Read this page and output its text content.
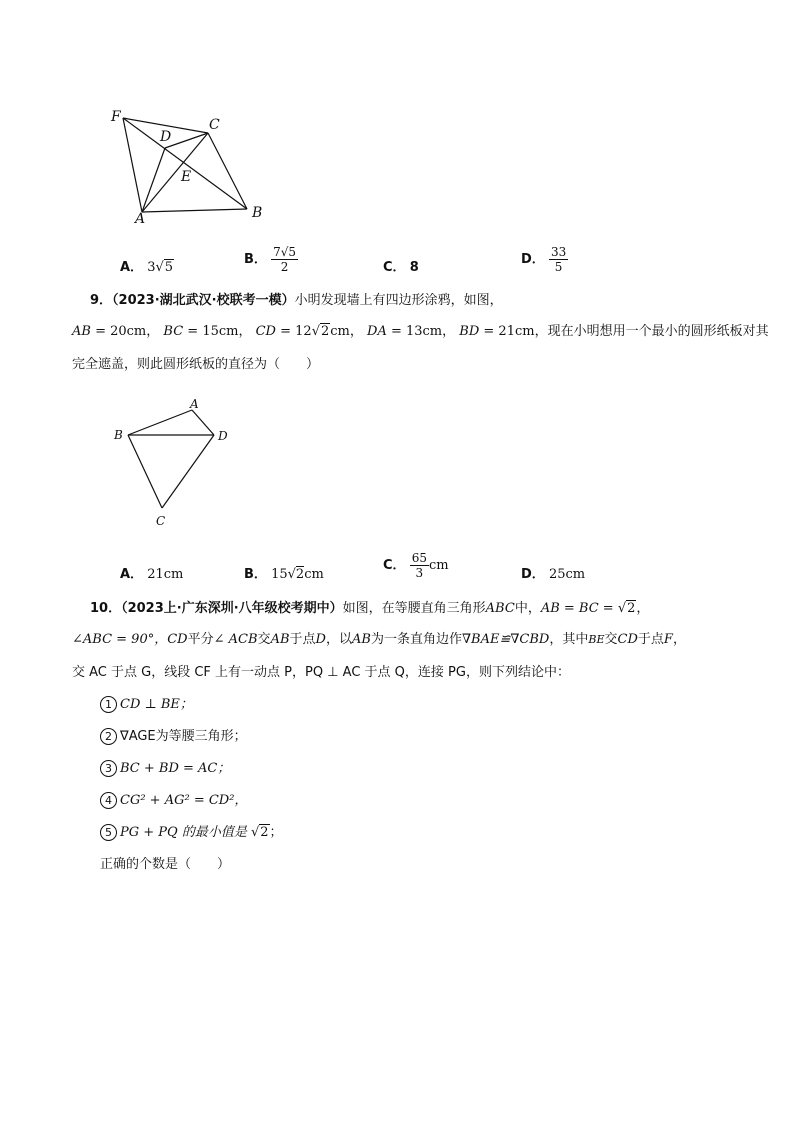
F
D
C
E
A	B
A． 3√5
B． $\frac{7√5}{2}$	C． 8
D． $\frac{33}{5}$
9．（2023·湖北武汉·校联考一模）小明发现墙上有四边形涂鸦，如图，
AB = 20cm， BC = 15cm， CD = 12√2cm， DA = 13cm， BD = 21cm，现在小明想用一个最小的圆形纸板对其
完全遮盖，则此圆形纸板的直径为（　　）
A
B
C
D
A． 21cm	B． 15√2cm
C． $\frac{65}{3}$ cm
D． 25cm
10．（2023上·广东深圳·八年级校考期中）如图，在等腰直角三角形ABC中，AB = BC = √2，
∠ABC = 90°，CD平分∠ ACB交AB于点D，以AB为一条直角边作∇BAE≌∇CBD，其中BE交CD于点F，
交 AC 于点 G，线段 CF 上有一动点 P，PQ ⊥ AC 于点 Q，连接 PG，则下列结论中：
1 CD ⊥ BE；
2 ∇AGE为等腰三角形；
3 BC + BD = AC；
4 CG² + AG² = CD²，
5 PG + PQ 的最小值是 √2；
正确的个数是（　　）
